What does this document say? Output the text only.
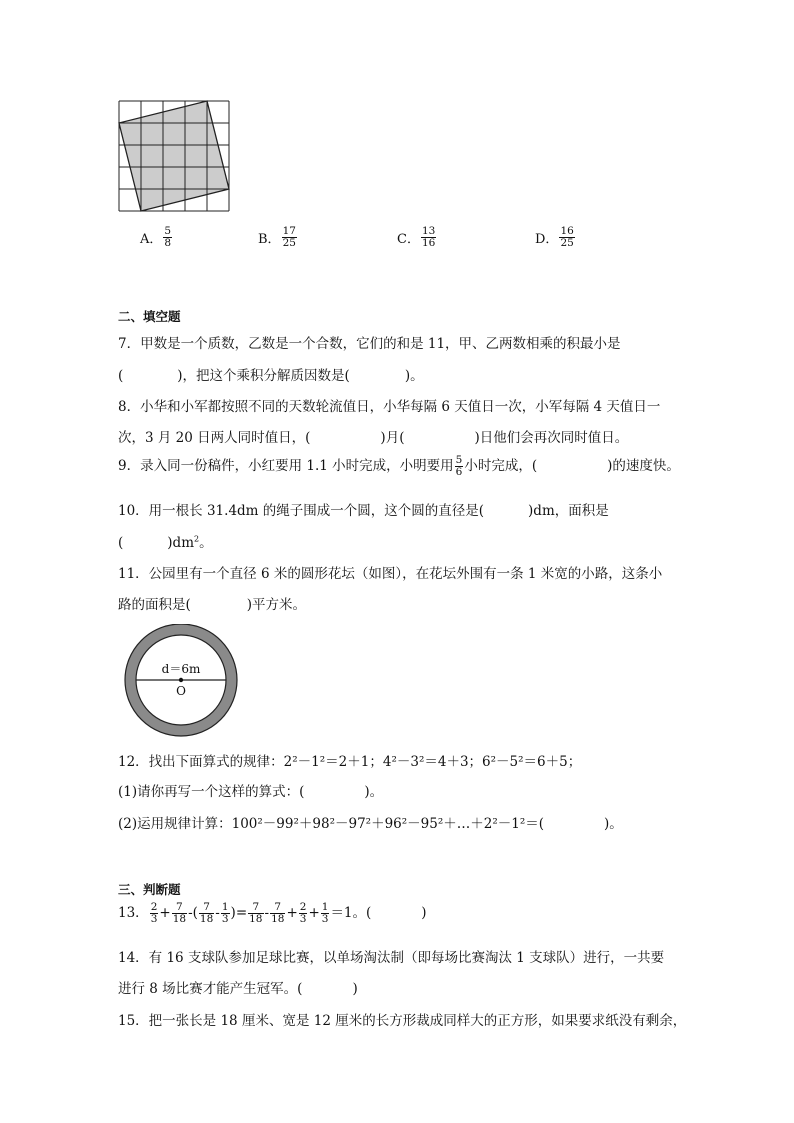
A． $\frac{5}{8}$	B． $\frac{17}{25}$	C． $\frac{13}{16}$	D． $\frac{16}{25}$
二、填空题
7．甲数是一个质数，乙数是一个合数，它们的和是 11，甲、乙两数相乘的积最小是
(	)，把这个乘积分解质因数是(	)。
8．小华和小军都按照不同的天数轮流值日，小华每隔 6 天值日一次，小军每隔 4 天值日一
次，3 月 20 日两人同时值日，(	)月(	)日他们会再次同时值日。
9．录入同一份稿件，小红要用 1.1 小时完成，小明要用 $\frac{5}{6}$ 小时完成，(	)的速度快。
10．用一根长 31.4dm 的绳子围成一个圆，这个圆的直径是(	)dm，面积是
(	)$dm^2$。
11．公园里有一个直径 6 米的圆形花坛（如图），在花坛外围有一条 1 米宽的小路，这条小
路的面积是(	)平方米。
d＝6m
O
12．找出下面算式的规律：2²－1²＝2＋1；4²－3²＝4＋3；6²－5²＝6＋5；
(1)请你再写一个这样的算式：(	)。
(2)运用规律计算：100²－99²＋98²－97²＋96²－95²＋…＋2²－1²＝(	)。
三、判断题
13． $\frac{2}{3} + \frac{7}{18}$ -( $\frac{7}{18} - \frac{1}{3}$ )= $\frac{7}{18} - \frac{7}{18} + \frac{2}{3} + \frac{1}{3} =1$。(	)
14．有 16 支球队参加足球比赛，以单场淘汰制（即每场比赛淘汰 1 支球队）进行，一共要
进行 8 场比赛才能产生冠军。(	)
15．把一张长是 18 厘米、宽是 12 厘米的长方形裁成同样大的正方形，如果要求纸没有剩余，
